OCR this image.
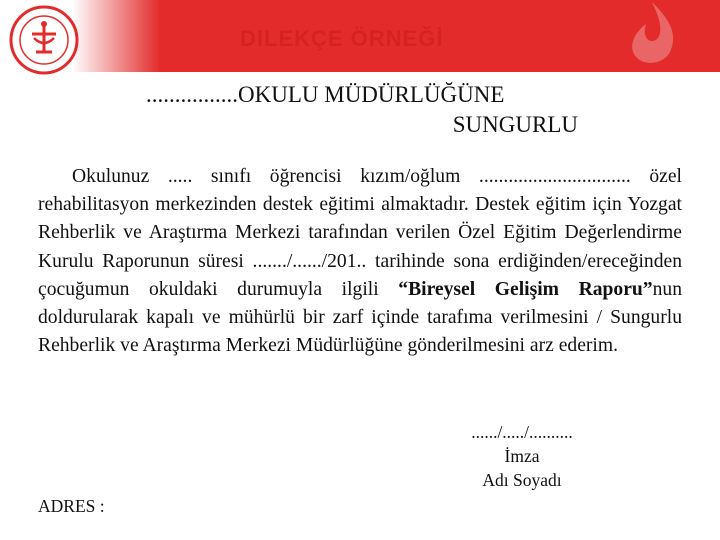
DILEKÇE ÖRNEĞİ
................OKULU MÜDÜRLÜĞÜNE
SUNGURLU
Okulunuz ..... sınıfı öğrencisi kızım/oğlum ............................... özel rehabilitasyon merkezinden destek eğitimi almaktadır. Destek eğitim için Yozgat Rehberlik ve Araştırma Merkezi tarafından verilen Özel Eğitim Değerlendirme Kurulu Raporunun süresi ......./....../201.. tarihinde sona erdiğinden/ereceğinden çocuğumun okuldaki durumuyla ilgili “Bireysel Gelişim Raporu”nun doldurularak kapalı ve mühürlü bir zarf içinde tarafıma verilmesini / Sungurlu Rehberlik ve Araştırma Merkezi Müdürlüğüne gönderilmesini arz ederim.
....../...../..........
İmza
Adı Soyadı
ADRES :
